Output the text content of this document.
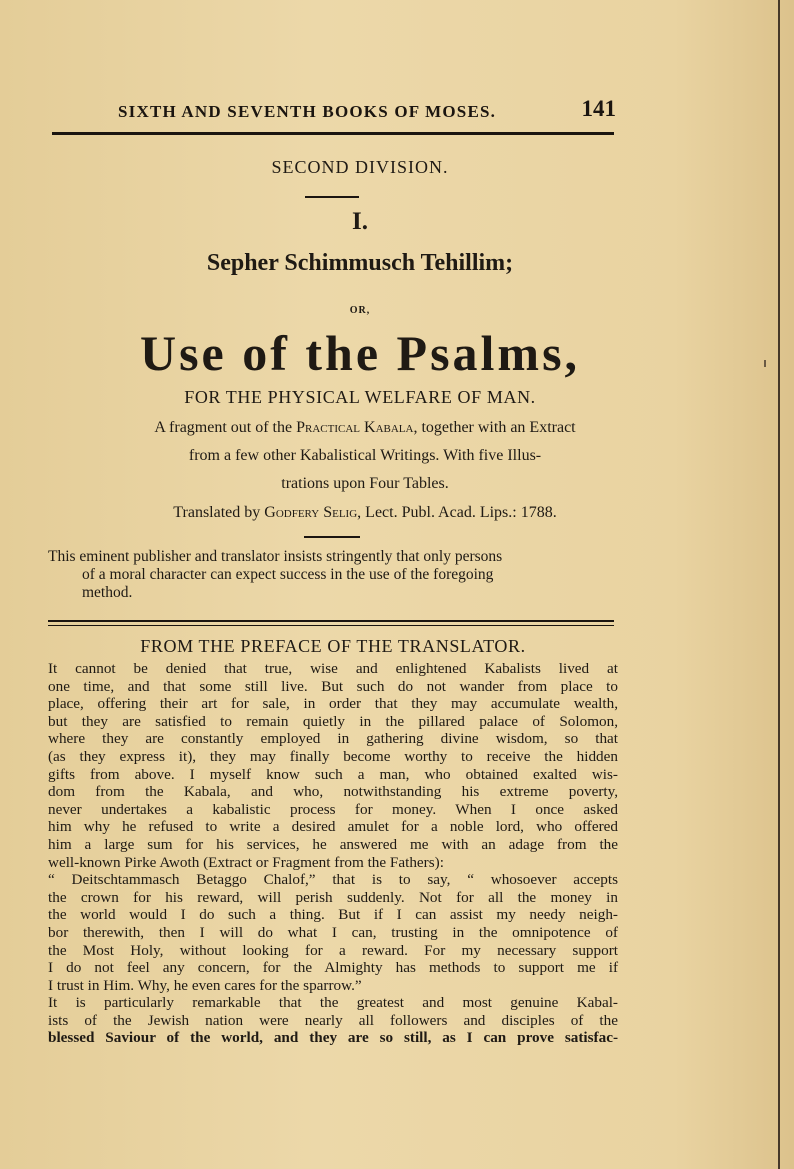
SIXTH AND SEVENTH BOOKS OF MOSES.	141
SECOND DIVISION.
I.
Sepher Schimmusch Tehillim;
OR,
Use of the Psalms,
FOR THE PHYSICAL WELFARE OF MAN.
A fragment out of the Practical Kabala, together with an Extract
from a few other Kabalistical Writings. With five Illus-
trations upon Four Tables.
Translated by Godfery Selig, Lect. Publ. Acad. Lips.: 1788.
This eminent publisher and translator insists stringently that only persons
of a moral character can expect success in the use of the foregoing
method.
FROM THE PREFACE OF THE TRANSLATOR.
It cannot be denied that true, wise and enlightened Kabalists lived at
one time, and that some still live. But such do not wander from place to
place, offering their art for sale, in order that they may accumulate wealth,
but they are satisfied to remain quietly in the pillared palace of Solomon,
where they are constantly employed in gathering divine wisdom, so that
(as they express it), they may finally become worthy to receive the hidden
gifts from above. I myself know such a man, who obtained exalted wis-
dom from the Kabala, and who, notwithstanding his extreme poverty,
never undertakes a kabalistic process for money. When I once asked
him why he refused to write a desired amulet for a noble lord, who offered
him a large sum for his services, he answered me with an adage from the
well-known Pirke Awoth (Extract or Fragment from the Fathers):
“ Deitschtammasch Betaggo Chalof,” that is to say, “ whosoever accepts
the crown for his reward, will perish suddenly. Not for all the money in
the world would I do such a thing. But if I can assist my needy neigh-
bor therewith, then I will do what I can, trusting in the omnipotence of
the Most Holy, without looking for a reward. For my necessary support
I do not feel any concern, for the Almighty has methods to support me if
I trust in Him. Why, he even cares for the sparrow.”
It is particularly remarkable that the greatest and most genuine Kabal-
ists of the Jewish nation were nearly all followers and disciples of the
blessed Saviour of the world, and they are so still, as I can prove satisfac-
